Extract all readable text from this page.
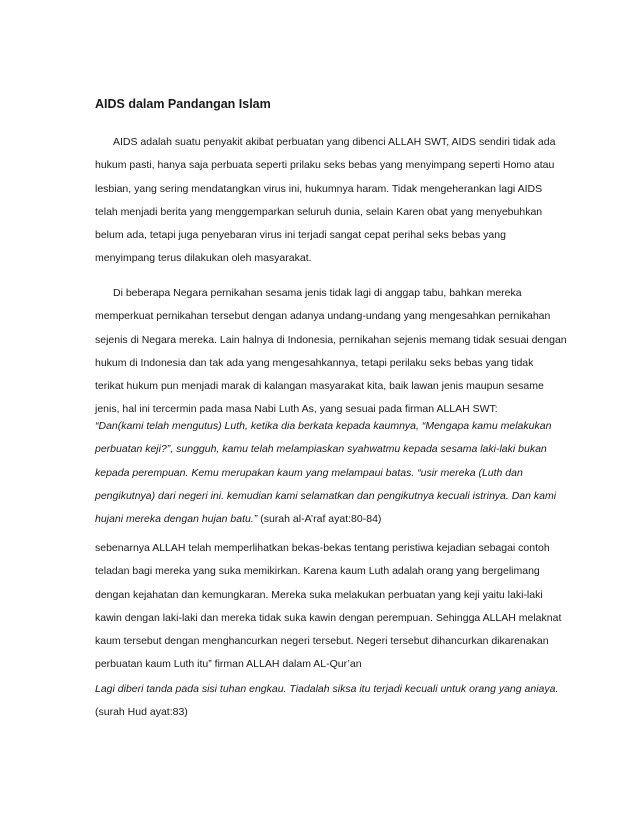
AIDS dalam Pandangan Islam

AIDS adalah suatu penyakit akibat perbuatan yang dibenci ALLAH SWT, AIDS sendiri tidak ada

hukum pasti, hanya saja perbuata seperti prilaku seks bebas yang menyimpang seperti Homo atau

lesbian, yang sering mendatangkan virus ini, hukumnya haram. Tidak mengeherankan lagi AIDS

telah menjadi berita yang menggemparkan seluruh dunia, selain Karen obat yang menyebuhkan

belum ada, tetapi juga penyebaran virus ini terjadi sangat cepat perihal seks bebas yang

menyimpang terus dilakukan oleh masyarakat.

Di beberapa Negara pernikahan sesama jenis tidak lagi di anggap tabu, bahkan mereka

memperkuat pernikahan tersebut dengan adanya undang-undang yang mengesahkan pernikahan

sejenis di Negara mereka. Lain halnya di Indonesia, pernikahan sejenis memang tidak sesuai dengan

hukum di Indonesia dan tak ada yang mengesahkannya, tetapi perilaku seks bebas yang tidak

terikat hukum pun menjadi marak di kalangan masyarakat kita, baik lawan jenis maupun sesame

jenis, hal ini tercermin pada masa Nabi Luth As, yang sesuai pada firman ALLAH SWT:

“Dan(kami telah mengutus) Luth, ketika dia berkata kepada kaumnya, “Mengapa kamu melakukan

perbuatan keji?”, sungguh, kamu telah melampiaskan syahwatmu kepada sesama laki-laki bukan

kepada perempuan. Kemu merupakan kaum yang melampaui batas. “usir mereka (Luth dan

pengikutnya) dari negeri ini. kemudian kami selamatkan dan pengikutnya kecuali istrinya. Dan kami

hujani mereka dengan hujan batu.” (surah al-A’raf ayat:80-84)

sebenarnya ALLAH telah memperlihatkan bekas-bekas tentang peristiwa kejadian sebagai contoh

teladan bagi mereka yang suka memikirkan. Karena kaum Luth adalah orang yang bergelimang

dengan kejahatan dan kemungkaran. Mereka suka melakukan perbuatan yang keji yaitu laki-laki

kawin dengan laki-laki dan mereka tidak suka kawin dengan perempuan. Sehingga ALLAH melaknat

kaum tersebut dengan menghancurkan negeri tersebut. Negeri tersebut dihancurkan dikarenakan

perbuatan kaum Luth itu” firman ALLAH dalam AL-Qur’an

Lagi diberi tanda pada sisi tuhan engkau. Tiadalah siksa itu terjadi kecuali untuk orang yang aniaya.

(surah Hud ayat:83)
